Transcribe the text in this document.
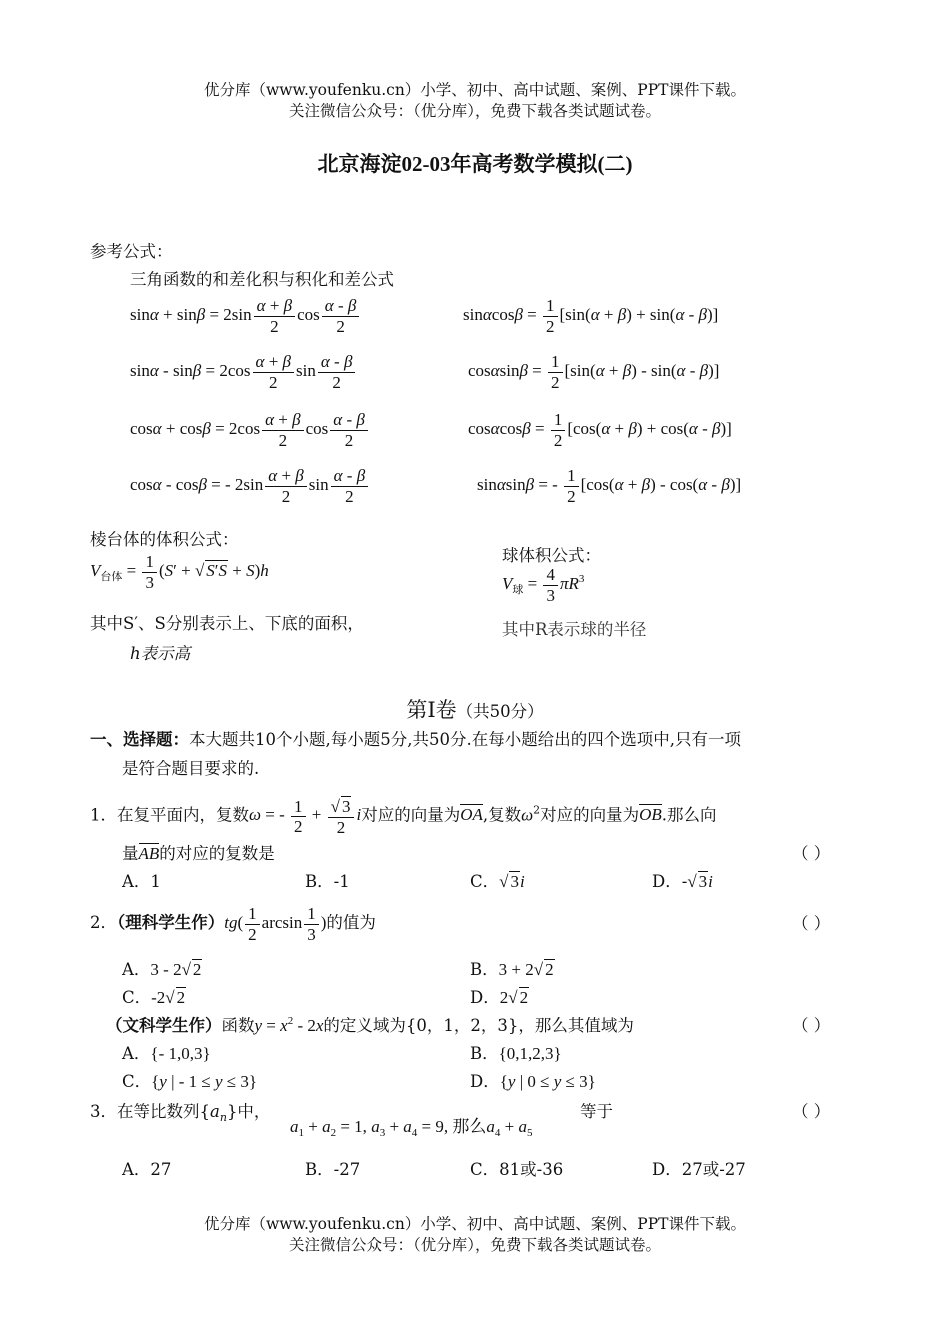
优分库（www.youfenku.cn）小学、初中、高中试题、案例、PPT课件下载。
关注微信公众号：（优分库），免费下载各类试题试卷。
北京海淀02-03年高考数学模拟(二)
参考公式：
三角函数的和差化积与积化和差公式
$\sin\alpha + \sin\beta = 2\sin \frac{\alpha + \beta}{2}$ $\cos \frac{\alpha - \beta}{2}$	$\sin\alpha\cos\beta = \frac{1}{2} [\sin(\alpha + \beta) + \sin(\alpha - \beta)]$
$\sin\alpha - \sin\beta = 2\cos \frac{\alpha + \beta}{2}$ $\sin \frac{\alpha - \beta}{2}$	$\cos\alpha\sin\beta = \frac{1}{2} [\sin(\alpha + \beta) - \sin(\alpha - \beta)]$
$\cos\alpha + \cos\beta = 2\cos \frac{\alpha + \beta}{2}$ $\cos \frac{\alpha - \beta}{2}$	$\cos\alpha\cos\beta = \frac{1}{2} [\cos(\alpha + \beta) + \cos(\alpha - \beta)]$
cosα - cosβ = - $2\sin \frac{\alpha + \beta}{2}$ $\sin \frac{\alpha - \beta}{2}$	sinαsinβ = - $\frac{1}{2} [\cos(\alpha + \beta) - \cos(\alpha - \beta)]$
棱台体的体积公式：
$V_{台体} = \frac{1}{3} (S'$ + √ S′S + S)h
其中S′、S分别表示上、下底的面积，
h表示高
球体积公式：
$V_球 = \frac{4}{3} \pi R^3$
其中R表示球的半径
第Ⅰ卷（共50分）
一、选择题：本大题共10个小题,每小题5分,共50分.在每小题给出的四个选项中,只有一项
是符合题目要求的.
1．在复平面内，复数ω = - $\frac{1}{2} + \frac{√ 3}{2}$ i对应的向量为OA,复数$\omega^2$对应的向量为OB.那么向
量AB的对应的复数是	（ ）
A．1	B．-1	C．√ 3i	D．-√ 3i
2．（理科学生作）$tg( \frac{1}{2}$ $\arcsin \frac{1}{3}$ )的值为	（ ）
A．3 - 2√ 2	B．3 + 2√ 2
C．-2√ 2	D．2√ 2
（文科学生作）函数$y = x^2 - 2x$的定义域为{0，1，2，3}，那么其值域为	（ ）
A．{- 1,0,3}	B．{0,1,2,3}
C．{y | - 1 ≤ y ≤ 3}	D．{y | 0 ≤ y ≤ 3}
3．在等比数列$\{a_n\}$中，
$a_1 + a_2 = 1$, $a_3 + a_4 = 9$, 那么$a_4 + a_5$
等于	（ ）
A．27	B．-27	C．81或-36	D．27或-27
优分库（www.youfenku.cn）小学、初中、高中试题、案例、PPT课件下载。
关注微信公众号：（优分库），免费下载各类试题试卷。
